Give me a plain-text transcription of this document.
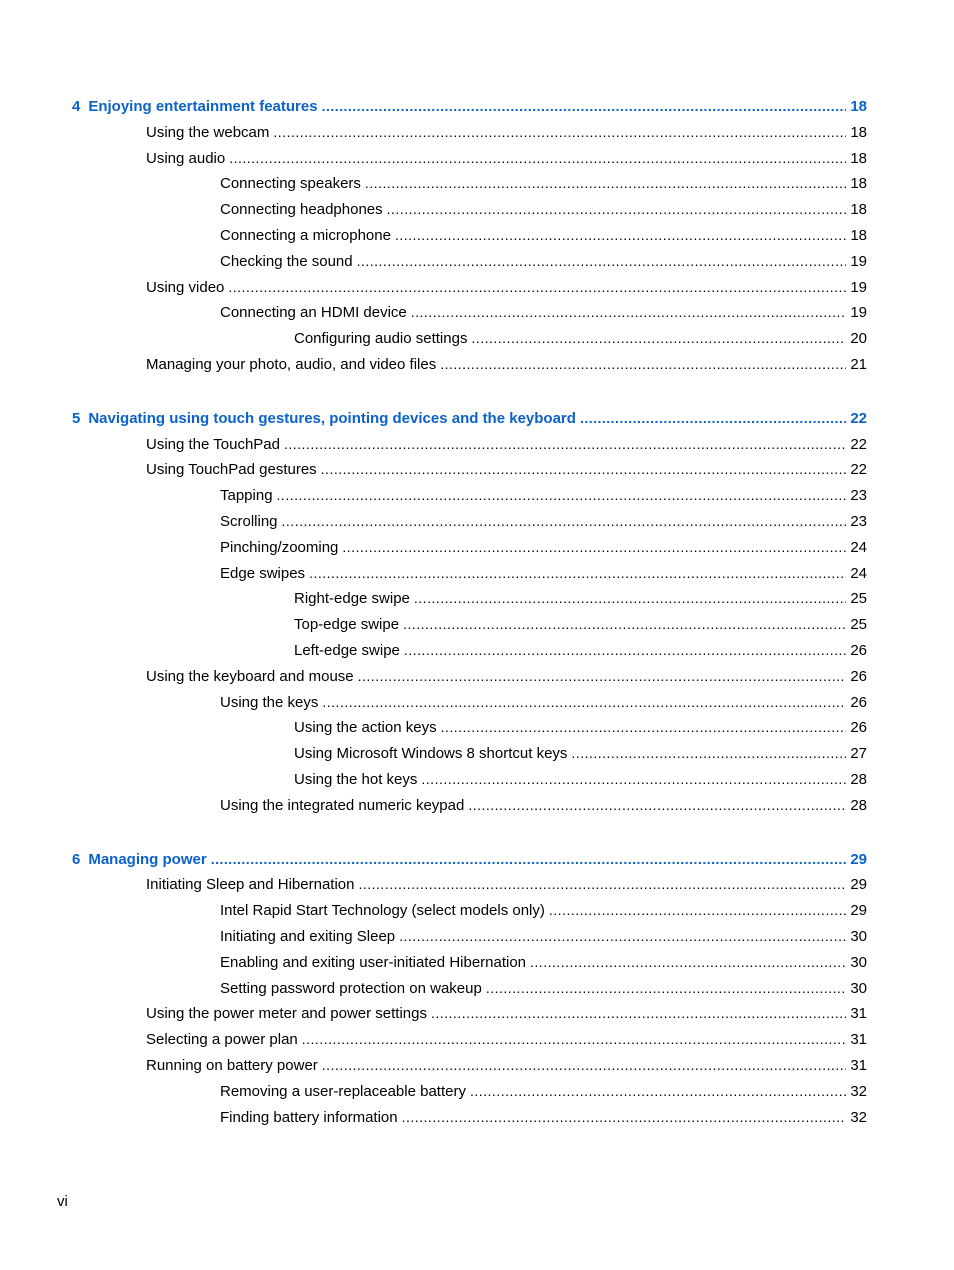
4 Enjoying entertainment features .....	18
Using the webcam .....	18
Using audio .....	18
Connecting speakers .....	18
Connecting headphones .....	18
Connecting a microphone .....	18
Checking the sound .....	19
Using video .....	19
Connecting an HDMI device .....	19
Configuring audio settings .....	20
Managing your photo, audio, and video files .....	21
5 Navigating using touch gestures, pointing devices and the keyboard .....	22
Using the TouchPad .....	22
Using TouchPad gestures .....	22
Tapping .....	23
Scrolling .....	23
Pinching/zooming .....	24
Edge swipes .....	24
Right-edge swipe .....	25
Top-edge swipe .....	25
Left-edge swipe .....	26
Using the keyboard and mouse .....	26
Using the keys .....	26
Using the action keys .....	26
Using Microsoft Windows 8 shortcut keys .....	27
Using the hot keys .....	28
Using the integrated numeric keypad .....	28
6 Managing power .....	29
Initiating Sleep and Hibernation .....	29
Intel Rapid Start Technology (select models only) .....	29
Initiating and exiting Sleep .....	30
Enabling and exiting user-initiated Hibernation .....	30
Setting password protection on wakeup .....	30
Using the power meter and power settings .....	31
Selecting a power plan .....	31
Running on battery power .....	31
Removing a user-replaceable battery .....	32
Finding battery information .....	32
vi
